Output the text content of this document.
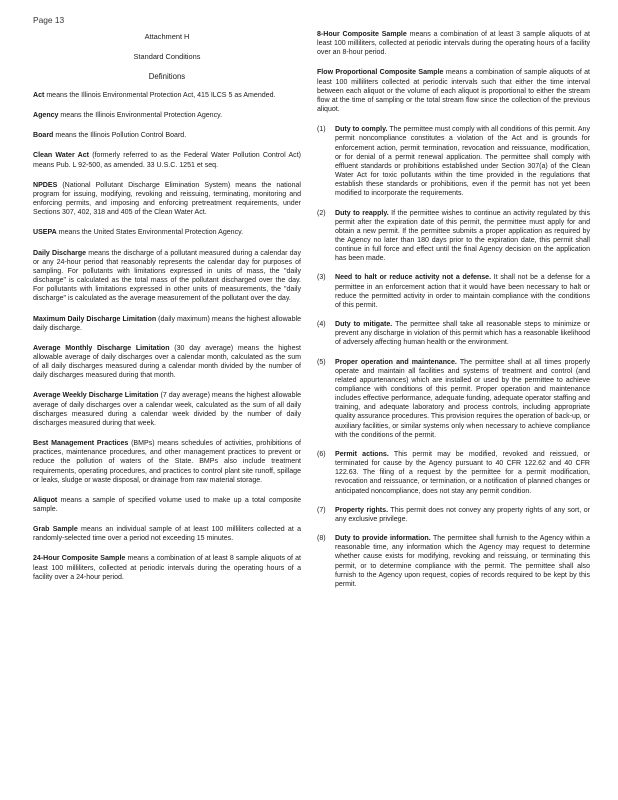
Page 13

Attachment H

Standard Conditions

Definitions

Act means the Illinois Environmental Protection Act, 415 ILCS 5 as Amended.

Agency means the Illinois Environmental Protection Agency.

Board means the Illinois Pollution Control Board.

Clean Water Act (formerly referred to as the Federal Water Pollution Control Act) means Pub. L 92-500, as amended. 33 U.S.C. 1251 et seq.

NPDES (National Pollutant Discharge Elimination System) means the national program for issuing, modifying, revoking and reissuing, terminating, monitoring and enforcing permits, and imposing and enforcing pretreatment requirements, under Sections 307, 402, 318 and 405 of the Clean Water Act.

USEPA means the United States Environmental Protection Agency.

Daily Discharge means the discharge of a pollutant measured during a calendar day or any 24-hour period that reasonably represents the calendar day for purposes of sampling. For pollutants with limitations expressed in units of mass, the "daily discharge" is calculated as the total mass of the pollutant discharged over the day. For pollutants with limitations expressed in other units of measurements, the "daily discharge" is calculated as the average measurement of the pollutant over the day.

Maximum Daily Discharge Limitation (daily maximum) means the highest allowable daily discharge.

Average Monthly Discharge Limitation (30 day average) means the highest allowable average of daily discharges over a calendar month, calculated as the sum of all daily discharges measured during a calendar month divided by the number of daily discharges measured during that month.

Average Weekly Discharge Limitation (7 day average) means the highest allowable average of daily discharges over a calendar week, calculated as the sum of all daily discharges measured during a calendar week divided by the number of daily discharges measured during that week.

Best Management Practices (BMPs) means schedules of activities, prohibitions of practices, maintenance procedures, and other management practices to prevent or reduce the pollution of waters of the State. BMPs also include treatment requirements, operating procedures, and practices to control plant site runoff, spillage or leaks, sludge or waste disposal, or drainage from raw material storage.

Aliquot means a sample of specified volume used to make up a total composite sample.

Grab Sample means an individual sample of at least 100 milliliters collected at a randomly-selected time over a period not exceeding 15 minutes.

24-Hour Composite Sample means a combination of at least 8 sample aliquots of at least 100 milliliters, collected at periodic intervals during the operating hours of a facility over a 24-hour period.

8-Hour Composite Sample means a combination of at least 3 sample aliquots of at least 100 milliliters, collected at periodic intervals during the operating hours of a facility over an 8-hour period.

Flow Proportional Composite Sample means a combination of sample aliquots of at least 100 milliliters collected at periodic intervals such that either the time interval between each aliquot or the volume of each aliquot is proportional to either the stream flow at the time of sampling or the total stream flow since the collection of the previous aliquot.

(1)	Duty to comply. The permittee must comply with all conditions of this permit. Any permit noncompliance constitutes a violation of the Act and is grounds for enforcement action, permit termination, revocation and reissuance, modification, or for denial of a permit renewal application. The permittee shall comply with effluent standards or prohibitions established under Section 307(a) of the Clean Water Act for toxic pollutants within the time provided in the regulations that establish these standards or prohibitions, even if the permit has not yet been modified to incorporate the requirements.
(2)	Duty to reapply. If the permittee wishes to continue an activity regulated by this permit after the expiration date of this permit, the permittee must apply for and obtain a new permit. If the permittee submits a proper application as required by the Agency no later than 180 days prior to the expiration date, this permit shall continue in full force and effect until the final Agency decision on the application has been made.
(3)	Need to halt or reduce activity not a defense. It shall not be a defense for a permittee in an enforcement action that it would have been necessary to halt or reduce the permitted activity in order to maintain compliance with the conditions of this permit.
(4)	Duty to mitigate. The permittee shall take all reasonable steps to minimize or prevent any discharge in violation of this permit which has a reasonable likelihood of adversely affecting human health or the environment.
(5)	Proper operation and maintenance. The permittee shall at all times properly operate and maintain all facilities and systems of treatment and control (and related appurtenances) which are installed or used by the permittee to achieve compliance with conditions of this permit. Proper operation and maintenance includes effective performance, adequate funding, adequate operator staffing and training, and adequate laboratory and process controls, including appropriate quality assurance procedures. This provision requires the operation of back-up, or auxiliary facilities, or similar systems only when necessary to achieve compliance with the conditions of the permit.
(6)	Permit actions. This permit may be modified, revoked and reissued, or terminated for cause by the Agency pursuant to 40 CFR 122.62 and 40 CFR 122.63. The filing of a request by the permittee for a permit modification, revocation and reissuance, or termination, or a notification of planned changes or anticipated noncompliance, does not stay any permit condition.
(7)	Property rights. This permit does not convey any property rights of any sort, or any exclusive privilege.
(8)	Duty to provide information. The permittee shall furnish to the Agency within a reasonable time, any information which the Agency may request to determine whether cause exists for modifying, revoking and reissuing, or terminating this permit, or to determine compliance with the permit. The permittee shall also furnish to the Agency upon request, copies of records required to be kept by this permit.
